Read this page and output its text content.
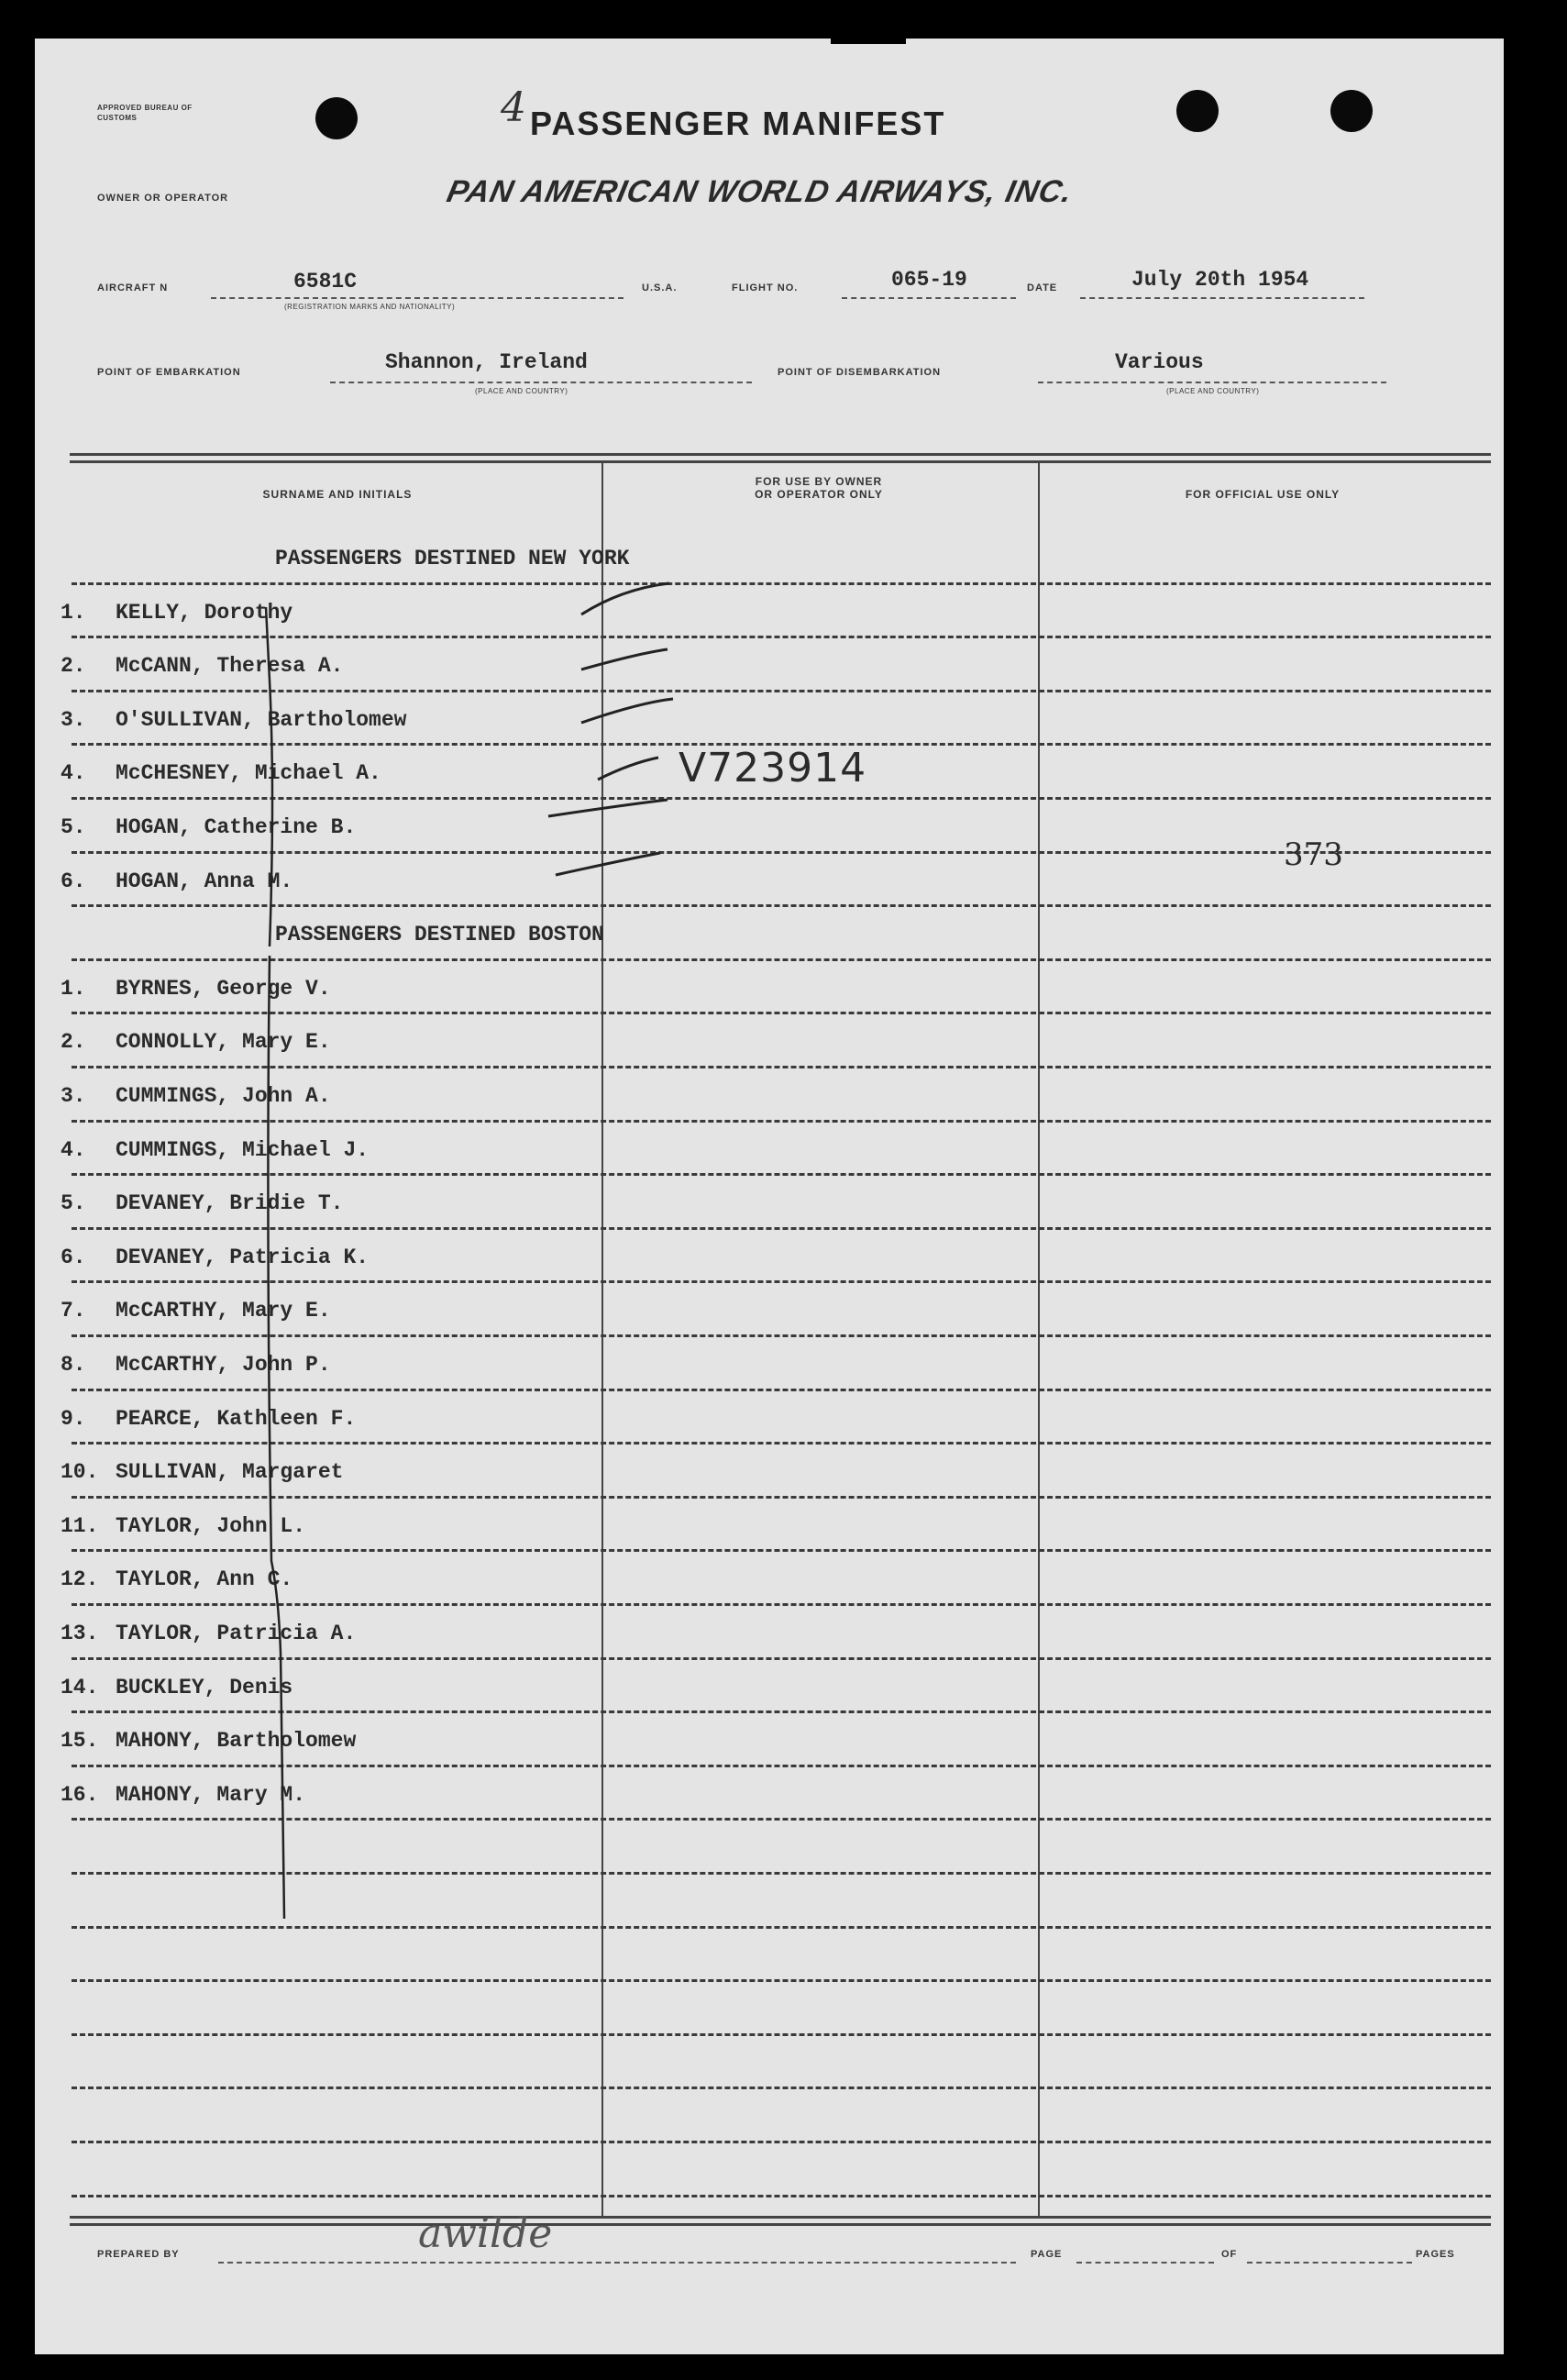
APPROVED BUREAU OF CUSTOMS
OWNER OR OPERATOR
4 PASSENGER MANIFEST
PAN AMERICAN WORLD AIRWAYS, INC.
AIRCRAFT N	6581C
(REGISTRATION MARKS AND NATIONALITY)
U.S.A.	FLIGHT NO.	065-19	DATE	July 20th 1954
POINT OF EMBARKATION	Shannon, Ireland
(PLACE AND COUNTRY)
POINT OF DISEMBARKATION	Various
(PLACE AND COUNTRY)
SURNAME AND INITIALS
FOR USE BY OWNER
OR OPERATOR ONLY	FOR OFFICIAL USE ONLY
PASSENGERS DESTINED NEW YORK
1. KELLY, Dorothy
2. McCANN, Theresa A.
3. O'SULLIVAN, Bartholomew
4. McCHESNEY, Michael A.
5. HOGAN, Catherine B.
6. HOGAN, Anna M.
PASSENGERS DESTINED BOSTON
1. BYRNES, George V.
2. CONNOLLY, Mary E.
3. CUMMINGS, John A.
4. CUMMINGS, Michael J.
5. DEVANEY, Bridie T.
6. DEVANEY, Patricia K.
7. McCARTHY, Mary E.
8. McCARTHY, John P.
9. PEARCE, Kathleen F.
10. SULLIVAN, Margaret
11. TAYLOR, John L.
12. TAYLOR, Ann C.
13. TAYLOR, Patricia A.
14. BUCKLEY, Denis
15. MAHONY, Bartholomew
16. MAHONY, Mary M.
V723914
373
PREPARED BY	awilde	PAGE	OF	PAGES
